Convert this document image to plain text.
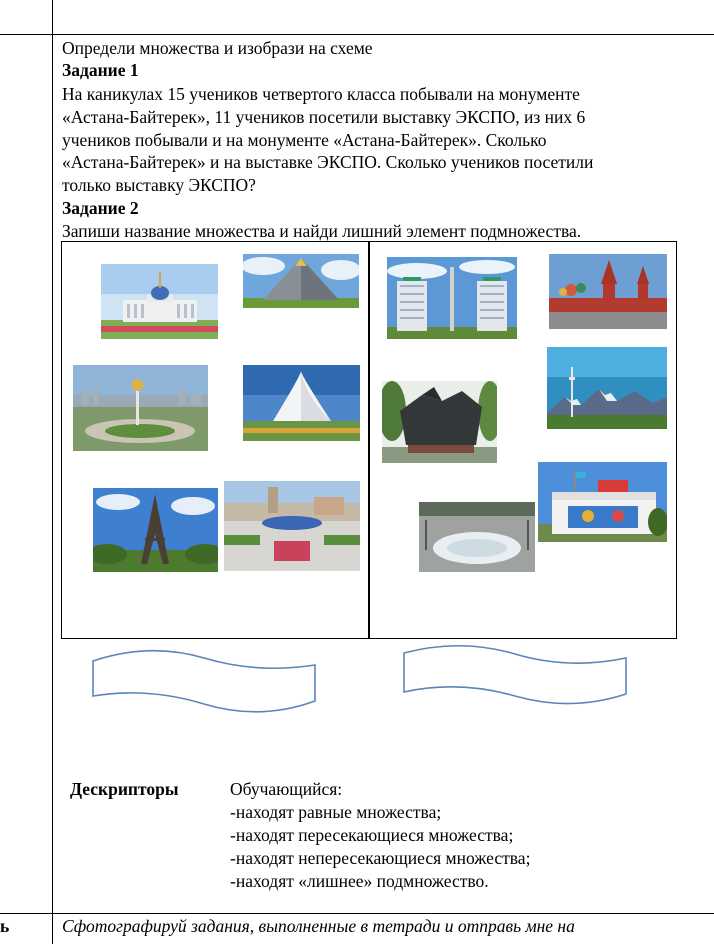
Определи множества и изобрази на схеме
Задание 1
На каникулах 15 учеников четвертого класса побывали на монументе
«Астана-Байтерек», 11 учеников посетили выставку ЭКСПО, из них 6
учеников побывали и на монументе «Астана-Байтерек». Сколько
«Астана-Байтерек» и на выставке ЭКСПО. Сколько учеников посетили
только выставку ЭКСПО?
Задание 2
Запиши название множества и найди лишний элемент подмножества.
Дескрипторы	Обучающийся:
-находят равные множества;
-находят пересекающиеся множества;
-находят непересекающиеся множества;
-находят «лишнее» подмножество.
ь	Сфотографируй задания, выполненные в тетради и отправь мне на
